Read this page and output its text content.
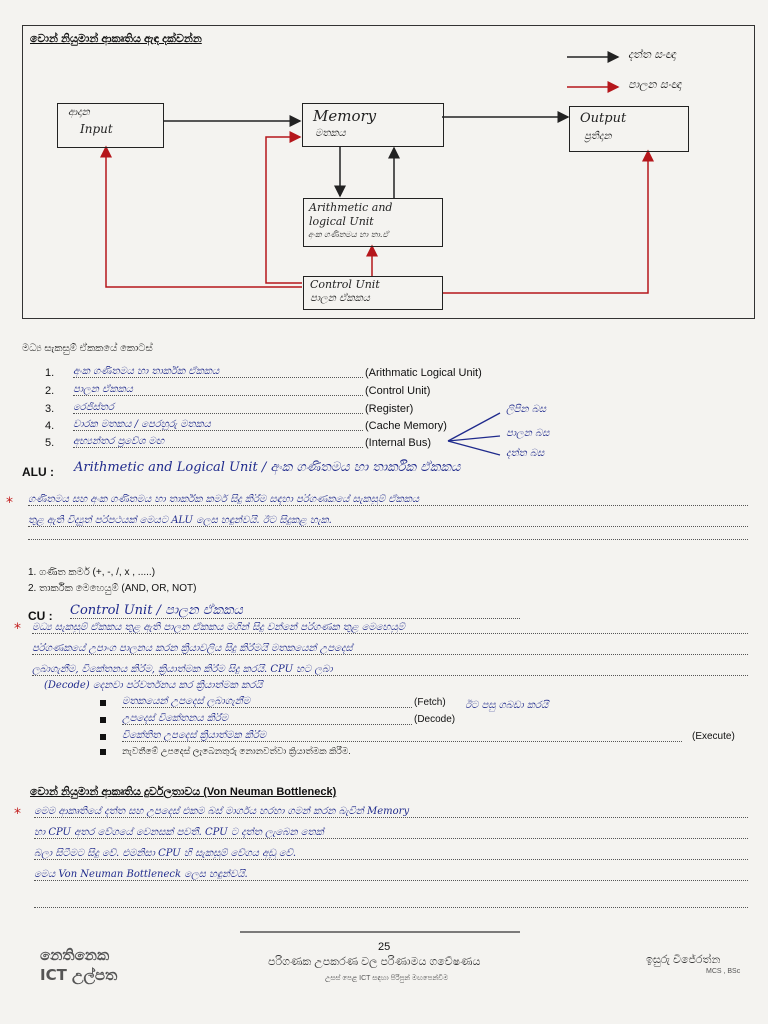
වොන් නියුමාන් ආකෘතිය ඇඳ දක්වන්න
දත්ත සංඥා
පාලන සංඥා
ආදාන
Input
Memory
මතකය
Output
ප්‍රතිදාන
Arithmetic and
logical Unit
අංක ගණිතමය හා තා.ඒ
Control Unit
පාලන ඒකකය
මධ්‍ය සැකසුම් ඒකකයේ කොටස්
1. අංක ගණිතමය හා තාර්කික ඒකකය	(Arithmatic Logical Unit)
2. පාලන ඒකකය	(Control Unit)
3. රෙජිස්තර	(Register)
4. වාරක මතකය / පෙරහුරු මතකය	(Cache Memory)
5. අභ්‍යන්තර ප්‍රවේශ මඟ	(Internal Bus)
ලිපින බස
පාලන බස
දත්ත බස
ALU : Arithmetic and Logical Unit / අංක ගණිතමය හා තාර්කික ඒකකය
* ගණිතමය සහ අංක ගණිතමය හා තාර්කික කර්ම සිදු කිරීම සඳහා පරිගණකයේ සැකසුම් ඒකකය
තුළ ඇති විද්‍යුත් පරිපථයක් මෙයට ALU ලෙස හඳුන්වයි. ඊට සිදුකළ හැක.
1. ගණිත කර්ම (+, -, /, x , .....)
2. තාර්කික මෙහෙයුම් (AND, OR, NOT)
CU : Control Unit / පාලන ඒකකය
* මධ්‍ය සැකසුම් ඒකකය තුළ ඇති පාලන ඒකකය මගින් සිදු වන්නේ පරිගණක තුළ මෙහෙයුම්
පරිගණකයේ උපාංග පාලනය කරන ක්‍රියාවලිය සිදු කිරීමයි මතකයෙන් උපදෙස්
ලබාගැනීම, විකේතනය කිරීම, ක්‍රියාත්මක කිරීම සිදු කරයි. CPU හට ලබා
(Decode) දෙනවා පරිවර්තනය කර ක්‍රියාත්මක කරයි
මතකයෙන් උපදෙස් ලබාගැනීම	(Fetch) ඊට පසු ගබඩා කරයි
උපදෙස් විකේතනය කිරීම	(Decode)
විකේතිත උපදෙස් ක්‍රියාත්මක කිරීම	(Execute)
නැවතීමේ උපදෙස් ලැබෙනතුරු නොනවත්වා ක්‍රියාත්මක කිරීම.
වොන් නියුමාන් ආකෘතිය දුර්වලතාවය (Von Neuman Bottleneck)
* මෙම ආකෘතියේ දත්ත සහ උපදෙස් එකම බස් මාර්ගය හරහා ගමන් කරන බැවින් Memory
හා CPU අතර වේගයේ වෙනසක් පවතී. CPU ට දත්ත ලැබෙන තෙක්
බලා සිටීමට සිදු වේ. එමනිසා CPU හි සැකසුම් වේගය අඩු වේ.
මෙය Von Neuman Bottleneck ලෙස හඳුන්වයි.
25
නෙතිනෙක
ICT උල්පත
පරිගණක උපකරණ වල පරිණාමය ගවේෂණය
උසස් පෙළ ICT සඳහා පිරිපුන් මඟපෙන්වීම
ඉසුරු විජේරත්න
MCS , BSc
